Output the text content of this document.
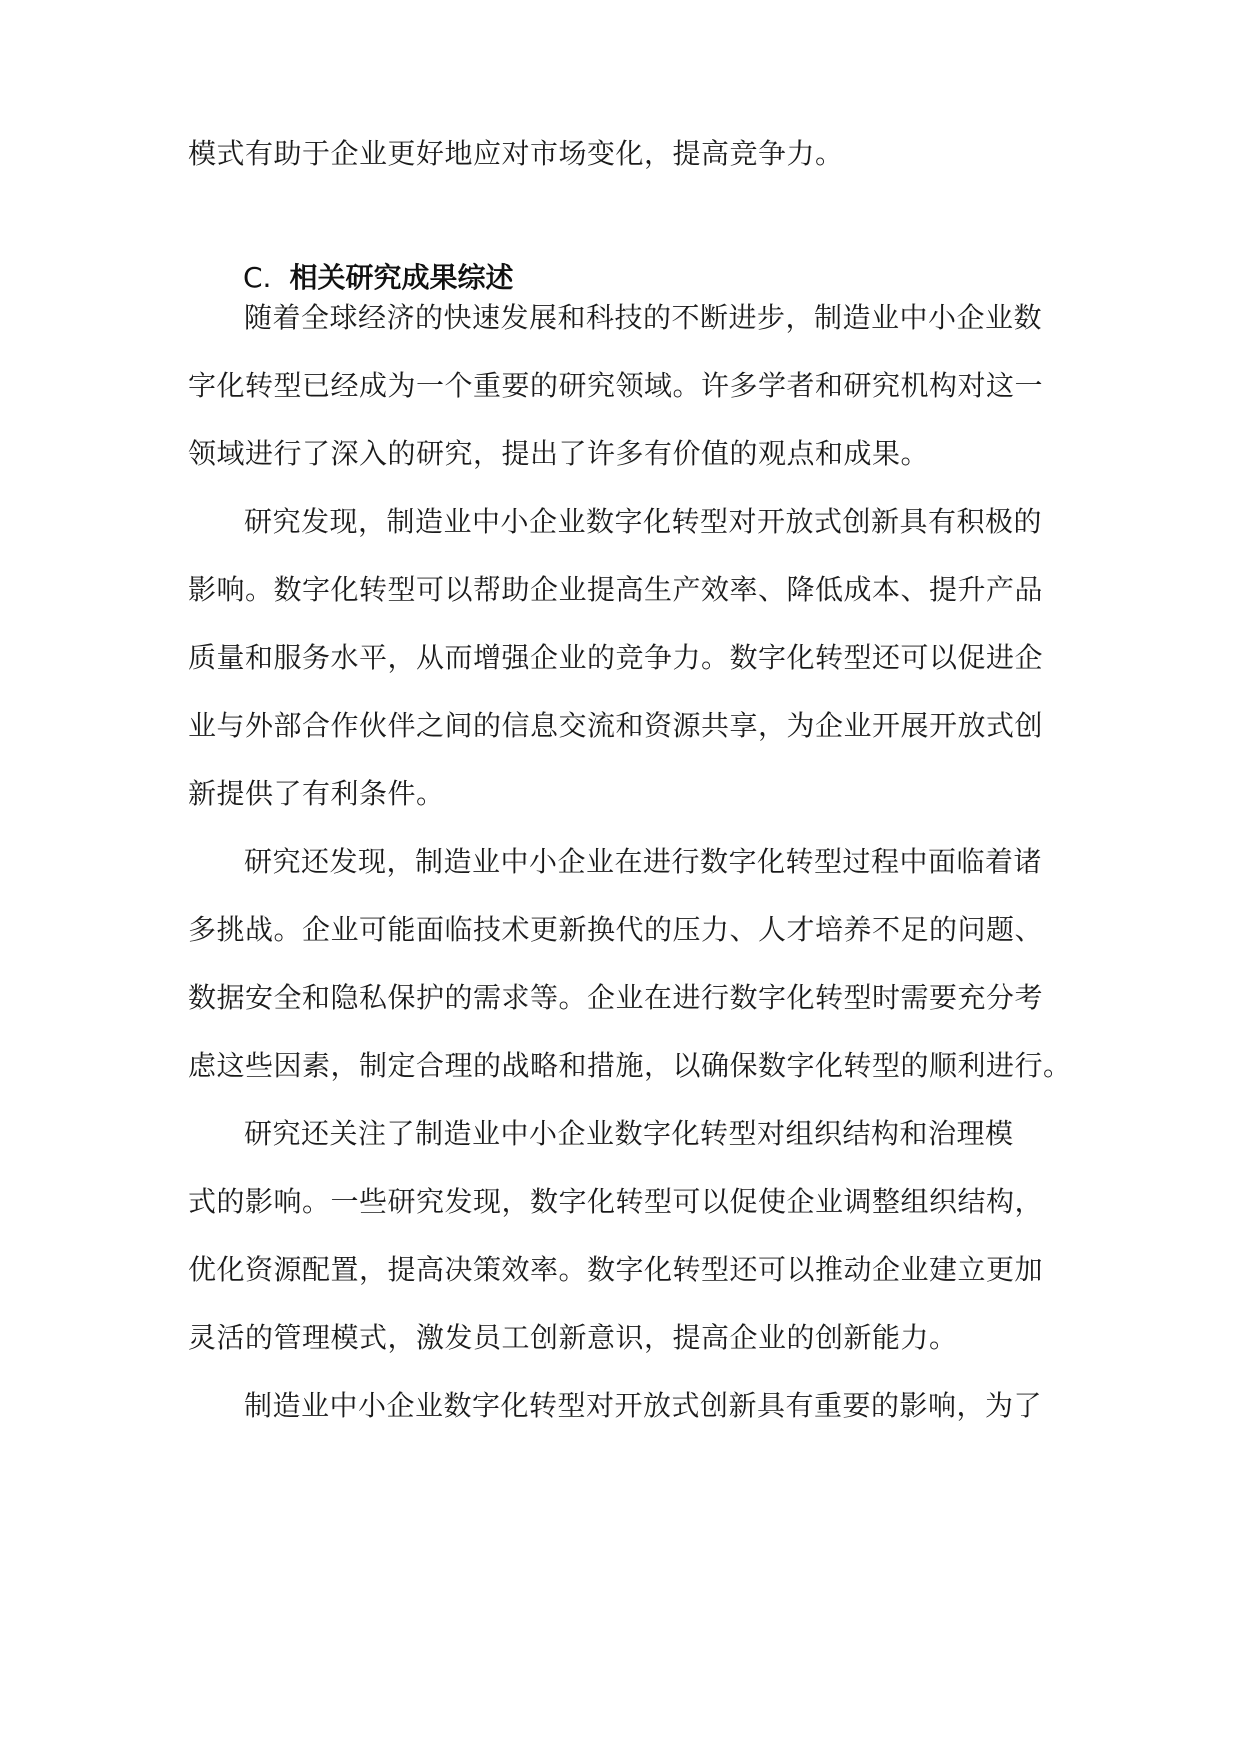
模式有助于企业更好地应对市场变化，提高竞争力。
C. 相关研究成果综述
随着全球经济的快速发展和科技的不断进步，制造业中小企业数
字化转型已经成为一个重要的研究领域。许多学者和研究机构对这一
领域进行了深入的研究，提出了许多有价值的观点和成果。
研究发现，制造业中小企业数字化转型对开放式创新具有积极的
影响。数字化转型可以帮助企业提高生产效率、降低成本、提升产品
质量和服务水平，从而增强企业的竞争力。数字化转型还可以促进企
业与外部合作伙伴之间的信息交流和资源共享，为企业开展开放式创
新提供了有利条件。
研究还发现，制造业中小企业在进行数字化转型过程中面临着诸
多挑战。企业可能面临技术更新换代的压力、人才培养不足的问题、
数据安全和隐私保护的需求等。企业在进行数字化转型时需要充分考
虑这些因素，制定合理的战略和措施，以确保数字化转型的顺利进行。
研究还关注了制造业中小企业数字化转型对组织结构和治理模
式的影响。一些研究发现，数字化转型可以促使企业调整组织结构，
优化资源配置，提高决策效率。数字化转型还可以推动企业建立更加
灵活的管理模式，激发员工创新意识，提高企业的创新能力。
制造业中小企业数字化转型对开放式创新具有重要的影响，为了
